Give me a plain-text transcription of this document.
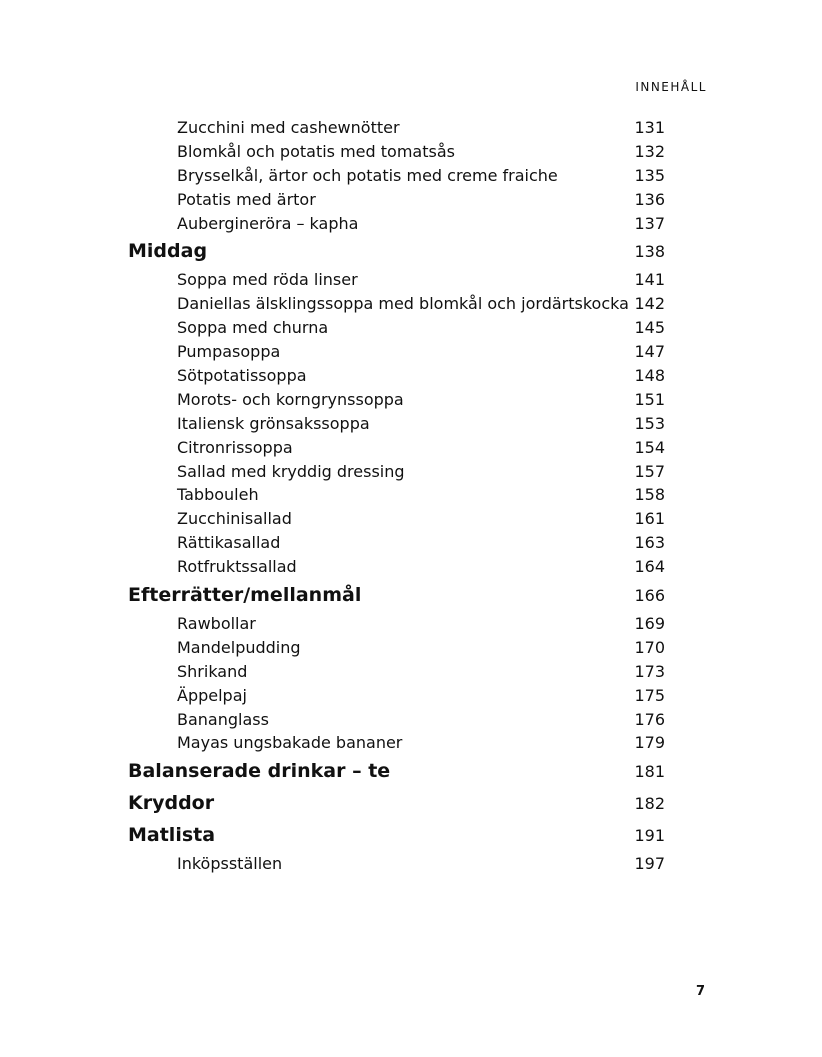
INNEHÅLL
Zucchini med cashewnötter	131
Blomkål och potatis med tomatsås	132
Brysselkål, ärtor och potatis med creme fraiche	135
Potatis med ärtor	136
Auberginеröra – kapha	137
Middag	138
Soppa med röda linser	141
Daniellas älsklingssoppa med blomkål och jordärtskocka 142
Soppa med churna	145
Pumpasoppa	147
Sötpotatissoppa	148
Morots- och korngrynssoppa	151
Italiensk grönsakssoppa	153
Citronrissoppa	154
Sallad med kryddig dressing	157
Tabbouleh	158
Zucchinisallad	161
Rättikasallad	163
Rotfruktssallad	164
Efterrätter/mellanmål	166
Rawbollar	169
Mandelpudding	170
Shrikand	173
Äppelpaj	175
Bananglass	176
Mayas ungsbakade bananer	179
Balanserade drinkar – te	181
Kryddor	182
Matlista	191
Inköpsställen	197
7
